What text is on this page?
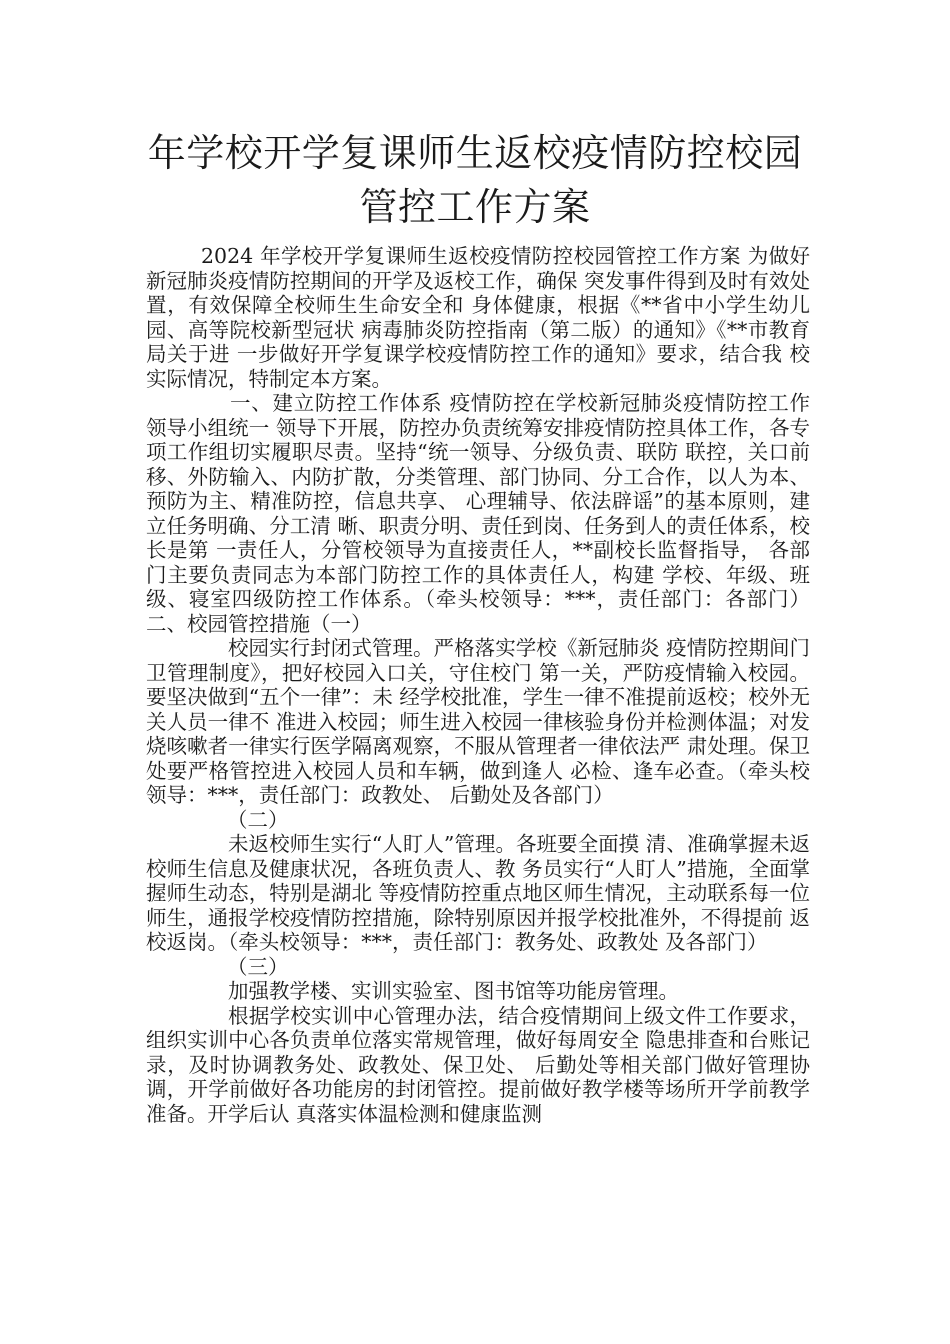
年学校开学复课师生返校疫情防控校园管控工作方案

2024 年学校开学复课师生返校疫情防控校园管控工作方案 为做好新冠肺炎疫情防控期间的开学及返校工作，确保 突发事件得到及时有效处置，有效保障全校师生生命安全和 身体健康，根据《**省中小学生幼儿园、高等院校新型冠状 病毒肺炎防控指南（第二版）的通知》《**市教育局关于进 一步做好开学复课学校疫情防控工作的通知》要求，结合我 校实际情况，特制定本方案。

一、建立防控工作体系 疫情防控在学校新冠肺炎疫情防控工作领导小组统一 领导下开展，防控办负责统筹安排疫情防控具体工作，各专 项工作组切实履职尽责。坚持“统一领导、分级负责、联防 联控，关口前移、外防输入、内防扩散，分类管理、部门协同、分工合作，以人为本、预防为主、精准防控，信息共享、 心理辅导、依法辟谣”的基本原则，建立任务明确、分工清 晰、职责分明、责任到岗、任务到人的责任体系，校长是第 一责任人，分管校领导为直接责任人，**副校长监督指导， 各部门主要负责同志为本部门防控工作的具体责任人，构建 学校、年级、班级、寝室四级防控工作体系。（牵头校领导：***，责任部门：各部门） 二、校园管控措施（一）

校园实行封闭式管理。严格落实学校《新冠肺炎 疫情防控期间门卫管理制度》，把好校园入口关，守住校门 第一关，严防疫情输入校园。要坚决做到“五个一律”：未 经学校批准，学生一律不准提前返校；校外无关人员一律不 准进入校园；师生进入校园一律核验身份并检测体温；对发 烧咳嗽者一律实行医学隔离观察，不服从管理者一律依法严 肃处理。保卫处要严格管控进入校园人员和车辆，做到逢人 必检、逢车必查。（牵头校领导：***，责任部门：政教处、 后勤处及各部门）

（二）

未返校师生实行“人盯人”管理。各班要全面摸 清、准确掌握未返校师生信息及健康状况，各班负责人、教 务员实行“人盯人”措施，全面掌握师生动态，特别是湖北 等疫情防控重点地区师生情况，主动联系每一位师生，通报学校疫情防控措施，除特别原因并报学校批准外，不得提前 返校返岗。（牵头校领导：***，责任部门：教务处、政教处 及各部门）

（三）

加强教学楼、实训实验室、图书馆等功能房管理。

根据学校实训中心管理办法，结合疫情期间上级文件工作要求，组织实训中心各负责单位落实常规管理，做好每周安全 隐患排查和台账记录，及时协调教务处、政教处、保卫处、 后勤处等相关部门做好管理协调，开学前做好各功能房的封闭管控。提前做好教学楼等场所开学前教学准备。开学后认 真落实体温检测和健康监测
